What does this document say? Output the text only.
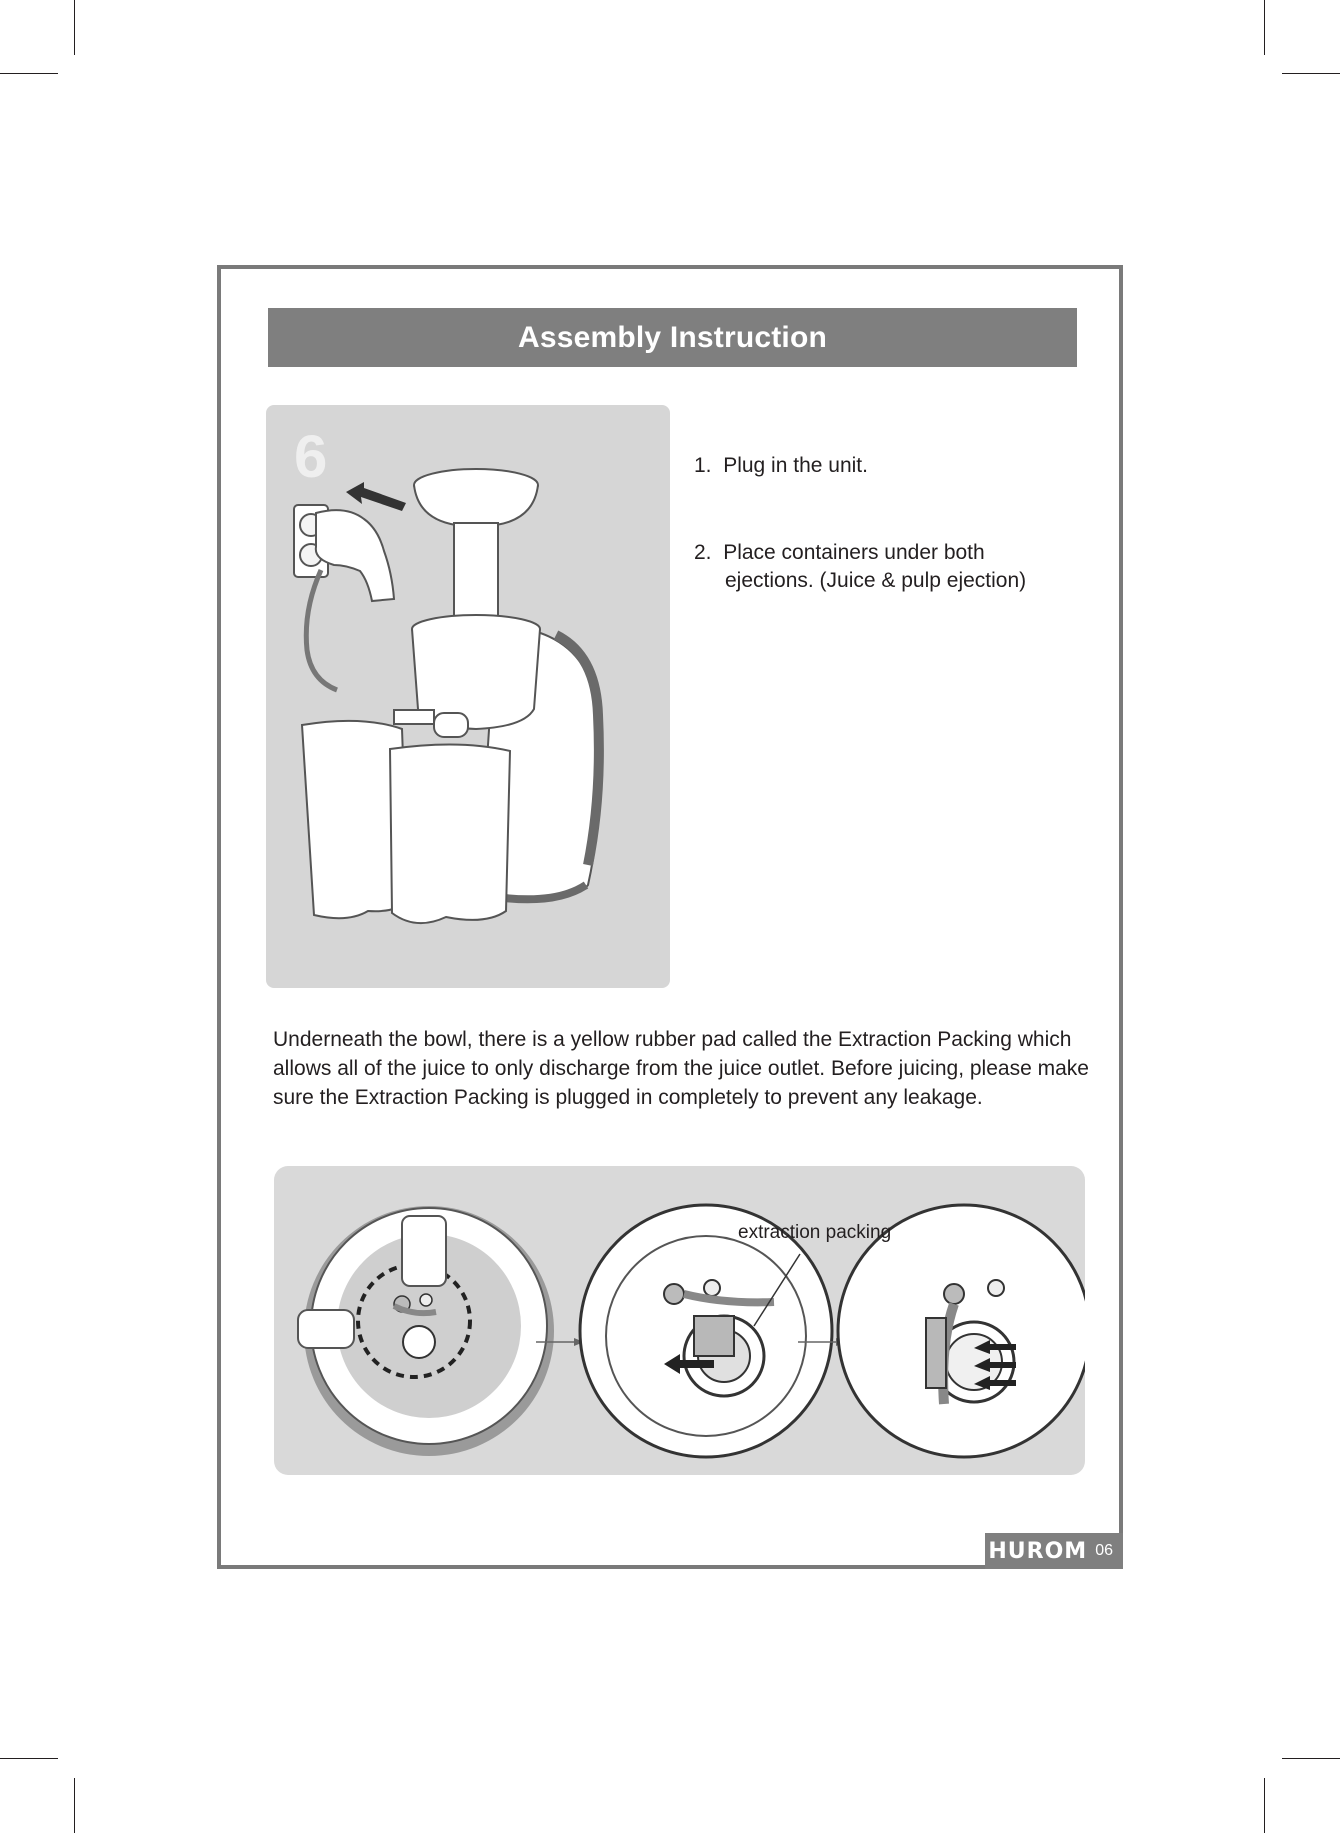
Assembly Instruction
6	1. Plug in the unit.
2. Place containers under both
ejections. (Juice & pulp ejection)
Underneath the bowl, there is a yellow rubber pad called the Extraction Packing which allows all of the juice to only discharge from the juice outlet. Before juicing, please make sure the Extraction Packing is plugged in completely to prevent any leakage.
extraction packing
HUROM 06
